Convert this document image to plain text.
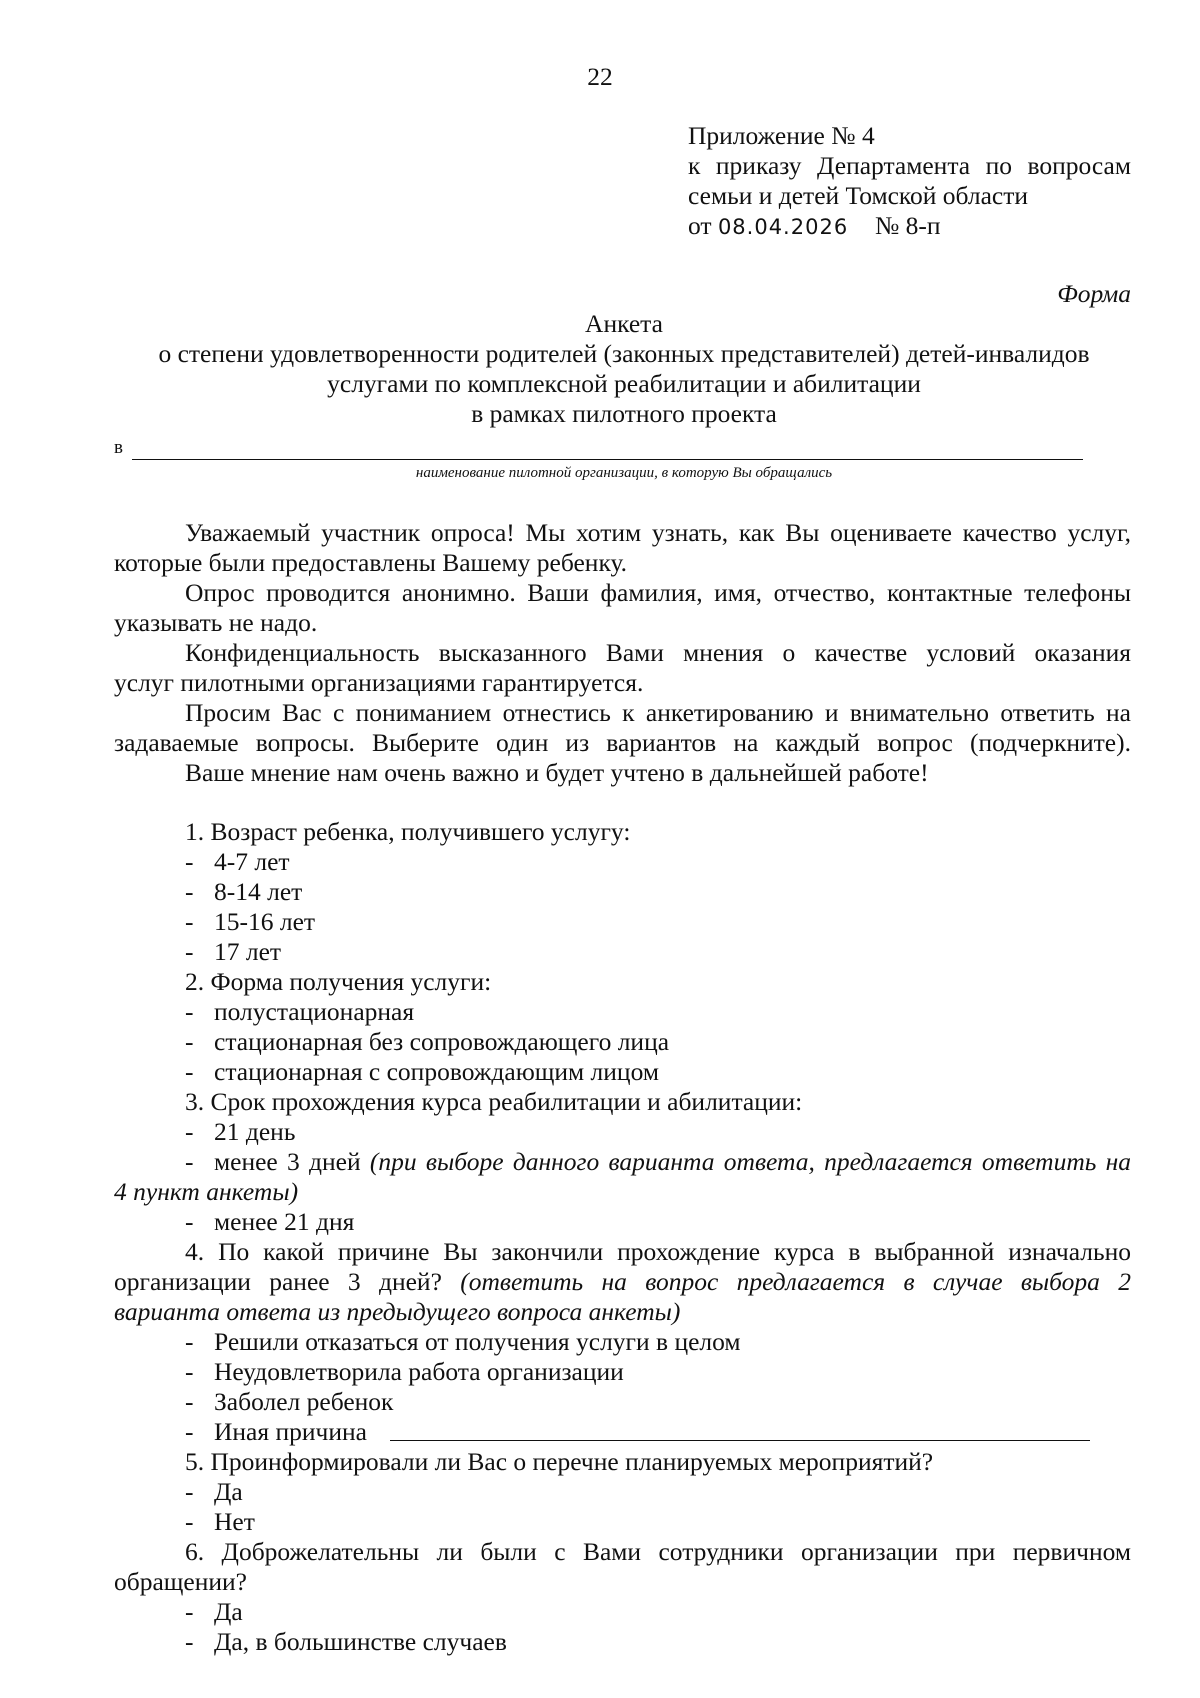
22
Приложение № 4
к приказу Департамента по вопросам
семьи и детей Томской области
от 08.04.2026 № 8-п
Форма
Анкета
о степени удовлетворенности родителей (законных представителей) детей-инвалидов
услугами по комплексной реабилитации и абилитации
в рамках пилотного проекта
в
наименование пилотной организации, в которую Вы обращались
Уважаемый участник опроса! Мы хотим узнать, как Вы оцениваете качество услуг,
которые были предоставлены Вашему ребенку.
Опрос проводится анонимно. Ваши фамилия, имя, отчество, контактные телефоны
указывать не надо.
Конфиденциальность высказанного Вами мнения о качестве условий оказания
услуг пилотными организациями гарантируется.
Просим Вас с пониманием отнестись к анкетированию и внимательно ответить на
задаваемые вопросы. Выберите один из вариантов на каждый вопрос (подчеркните).
Ваше мнение нам очень важно и будет учтено в дальнейшей работе!
1. Возраст ребенка, получившего услугу:
- 4-7 лет
- 8-14 лет
- 15-16 лет
- 17 лет
2. Форма получения услуги:
- полустационарная
- стационарная без сопровождающего лица
- стационарная с сопровождающим лицом
3. Срок прохождения курса реабилитации и абилитации:
- 21 день
- менее 3 дней (при выборе данного варианта ответа, предлагается ответить на
4 пункт анкеты)
- менее 21 дня
4. По какой причине Вы закончили прохождение курса в выбранной изначально
организации ранее 3 дней? (ответить на вопрос предлагается в случае выбора 2
варианта ответа из предыдущего вопроса анкеты)
- Решили отказаться от получения услуги в целом
- Неудовлетворила работа организации
- Заболел ребенок
- Иная причина
5. Проинформировали ли Вас о перечне планируемых мероприятий?
- Да
- Нет
6. Доброжелательны ли были с Вами сотрудники организации при первичном
обращении?
- Да
- Да, в большинстве случаев
